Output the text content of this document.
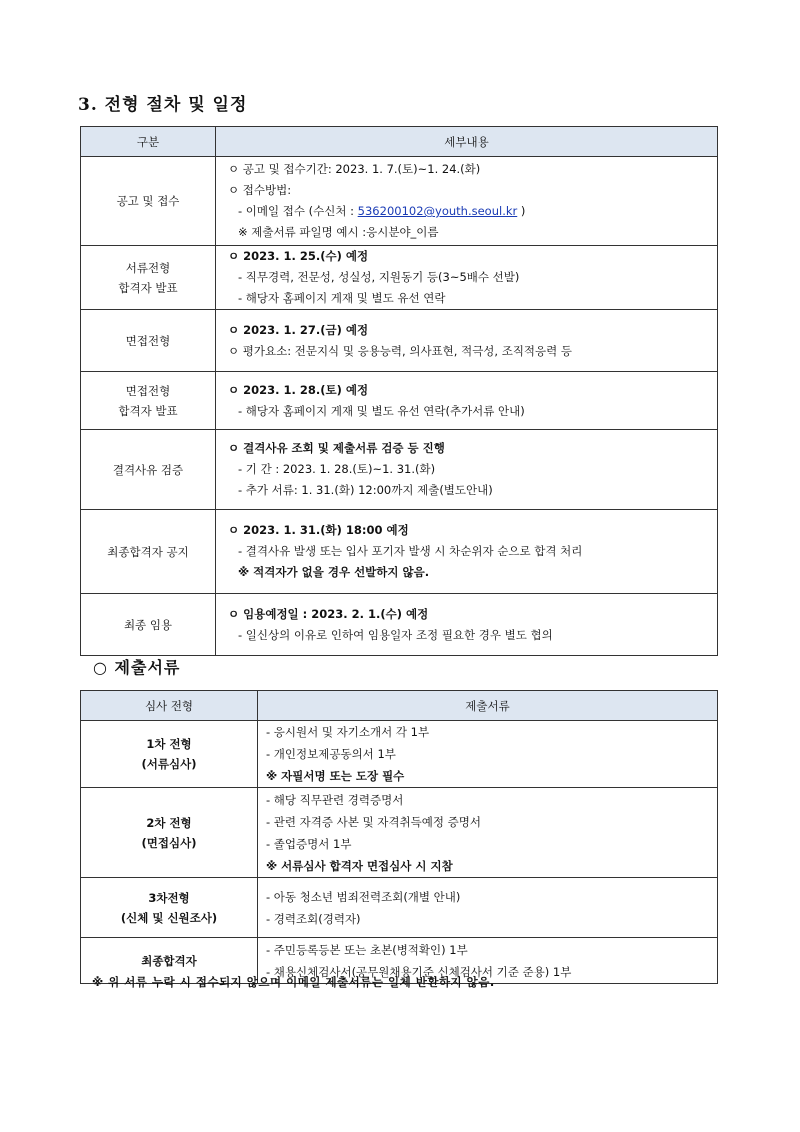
3. 전형 절차 및 일정
구분	세부내용

공고 및 접수	ㅇ 공고 및 접수기간: 2023. 1. 7.(토)~1. 24.(화)
ㅇ 접수방법:
- 이메일 접수 (수신처 : 536200102@youth.seoul.kr )
※ 제출서류 파일명 예시 :응시분야_이름

서류전형
합격자 발표	ㅇ 2023. 1. 25.(수) 예정
- 직무경력, 전문성, 성실성, 지원동기 등(3~5배수 선발)
- 해당자 홈페이지 게재 및 별도 유선 연락

면접전형	ㅇ 2023. 1. 27.(금) 예정
ㅇ 평가요소: 전문지식 및 응용능력, 의사표현, 적극성, 조직적응력 등

면접전형
합격자 발표	ㅇ 2023. 1. 28.(토) 예정
- 해당자 홈페이지 게재 및 별도 유선 연락(추가서류 안내)

결격사유 검증	ㅇ 결격사유 조회 및 제출서류 검증 등 진행
- 기 간 : 2023. 1. 28.(토)~1. 31.(화)
- 추가 서류: 1. 31.(화) 12:00까지 제출(별도안내)

최종합격자 공지	ㅇ 2023. 1. 31.(화) 18:00 예정
- 결격사유 발생 또는 입사 포기자 발생 시 차순위자 순으로 합격 처리
※ 적격자가 없을 경우 선발하지 않음.

최종 임용	ㅇ 임용예정일 : 2023. 2. 1.(수) 예정
- 일신상의 이유로 인하여 임용일자 조정 필요한 경우 별도 협의
○ 제출서류
심사 전형	제출서류

1차 전형
(서류심사)	- 응시원서 및 자기소개서 각 1부
- 개인정보제공동의서 1부
※ 자필서명 또는 도장 필수

2차 전형
(면접심사)	- 해당 직무관련 경력증명서
- 관련 자격증 사본 및 자격취득예정 증명서
- 졸업증명서 1부
※ 서류심사 합격자 면접심사 시 지참

3차전형
(신체 및 신원조사)	- 아동 청소년 범죄전력조회(개별 안내)
- 경력조회(경력자)

최종합격자	- 주민등록등본 또는 초본(병적확인) 1부
- 채용신체검사서(공무원채용기준 신체검사서 기준 준용) 1부
※ 위 서류 누락 시 접수되지 않으며 이메일 제출서류는 일체 반환하지 않음.
